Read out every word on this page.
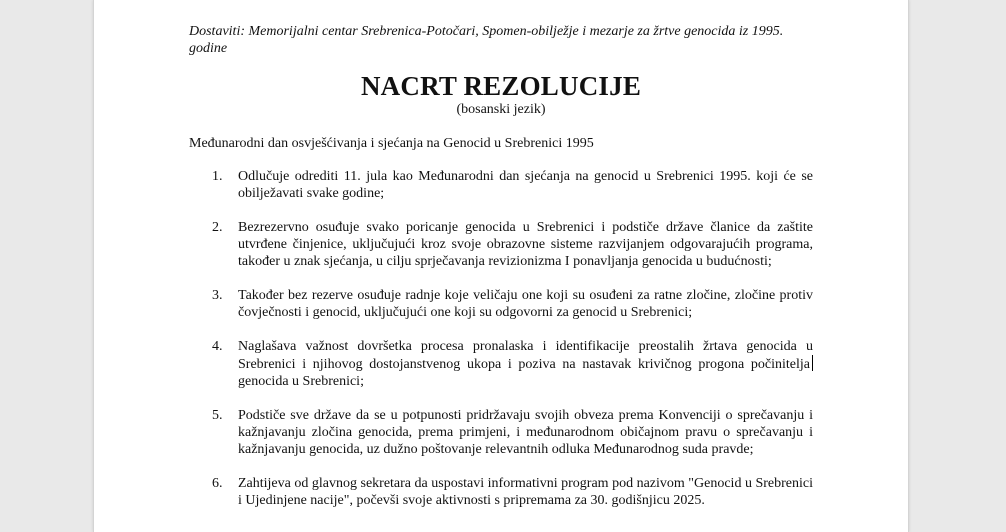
Dostaviti: Memorijalni centar Srebrenica-Potočari, Spomen-obilježje i mezarje za žrtve genocida iz 1995. godine

NACRT REZOLUCIJE

(bosanski jezik)

Međunarodni dan osvješćivanja i sjećanja na Genocid u Srebrenici 1995

1. Odlučuje odrediti 11. jula kao Međunarodni dan sjećanja na genocid u Srebrenici 1995. koji će se obilježavati svake godine;
2. Bezrezervno osuđuje svako poricanje genocida u Srebrenici i podstiče države članice da zaštite utvrđene činjenice, uključujući kroz svoje obrazovne sisteme razvijanjem odgovarajućih programa, također u znak sjećanja, u cilju sprječavanja revizionizma I ponavljanja genocida u budućnosti;
3. Također bez rezerve osuđuje radnje koje veličaju one koji su osuđeni za ratne zločine, zločine protiv čovječnosti i genocid, uključujući one koji su odgovorni za genocid u Srebrenici;
4. Naglašava važnost dovršetka procesa pronalaska i identifikacije preostalih žrtava genocida u Srebrenici i njihovog dostojanstvenog ukopa i poziva na nastavak krivičnog progona počinitelja genocida u Srebrenici;
5. Podstiče sve države da se u potpunosti pridržavaju svojih obveza prema Konvenciji o sprečavanju i kažnjavanju zločina genocida, prema primjeni, i međunarodnom običajnom pravu o sprečavanju i kažnjavanju genocida, uz dužno poštovanje relevantnih odluka Međunarodnog suda pravde;
6. Zahtijeva od glavnog sekretara da uspostavi informativni program pod nazivom "Genocid u Srebrenici i Ujedinjene nacije", počevši svoje aktivnosti s pripremama za 30. godišnjicu 2025.
